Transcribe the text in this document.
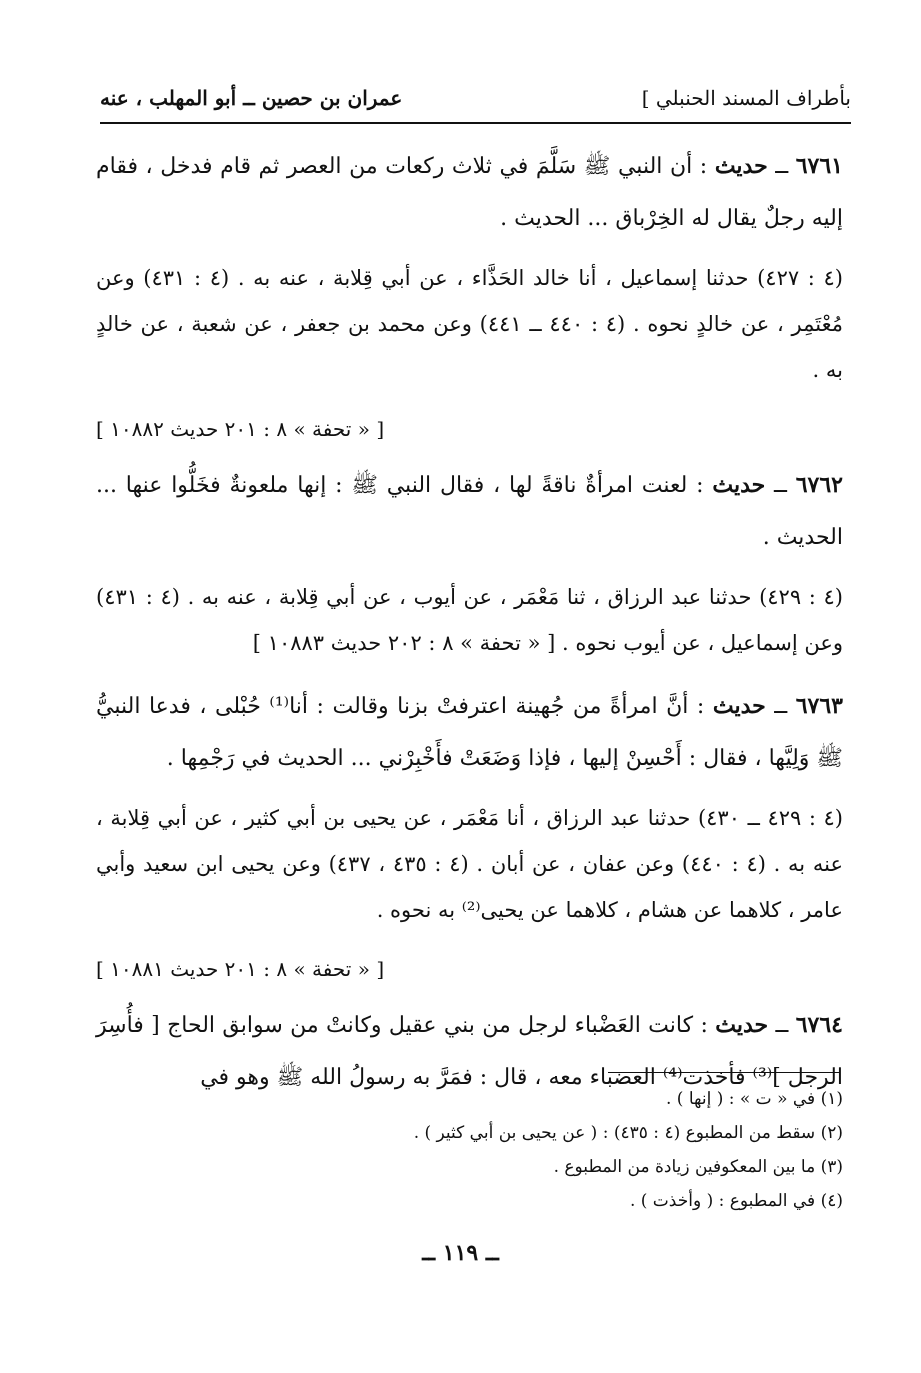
بأطراف المسند الحنبلي ]
عمران بن حصين ــ أبو المهلب ، عنه
٦٧٦١ ــ حديث : أن النبي ﷺ سَلَّمَ في ثلاث ركعات من العصر ثم قام فدخل ، فقام إليه رجلٌ يقال له الخِرْباق ... الحديث .
(٤ : ٤٢٧) حدثنا إسماعيل ، أنا خالد الحَذَّاء ، عن أبي قِلابة ، عنه به . (٤ : ٤٣١) وعن مُعْتَمِر ، عن خالدٍ نحوه . (٤ : ٤٤٠ ــ ٤٤١) وعن محمد بن جعفر ، عن شعبة ، عن خالدٍ به .
[ « تحفة » ٨ : ٢٠١ حديث ١٠٨٨٢ ]
٦٧٦٢ ــ حديث : لعنت امرأةٌ ناقةً لها ، فقال النبي ﷺ : إنها ملعونةٌ فخَلُّوا عنها ... الحديث .
(٤ : ٤٢٩) حدثنا عبد الرزاق ، ثنا مَعْمَر ، عن أيوب ، عن أبي قِلابة ، عنه به . (٤ : ٤٣١) وعن إسماعيل ، عن أيوب نحوه . [ « تحفة » ٨ : ٢٠٢ حديث ١٠٨٨٣ ]
٦٧٦٣ ــ حديث : أنَّ امرأةً من جُهينة اعترفتْ بزنا وقالت : أنا⁽¹⁾ حُبْلى ، فدعا النبيُّ ﷺ وَلِيَّها ، فقال : أَحْسِنْ إليها ، فإذا وَضَعَتْ فأَخْبِرْني ... الحديث في رَجْمِها .
(٤ : ٤٢٩ ــ ٤٣٠) حدثنا عبد الرزاق ، أنا مَعْمَر ، عن يحيى بن أبي كثير ، عن أبي قِلابة ، عنه به . (٤ : ٤٤٠) وعن عفان ، عن أبان . (٤ : ٤٣٥ ، ٤٣٧) وعن يحيى ابن سعيد وأبي عامر ، كلاهما عن هشام ، كلاهما عن يحيى⁽²⁾ به نحوه .
[ « تحفة » ٨ : ٢٠١ حديث ١٠٨٨١ ]
٦٧٦٤ ــ حديث : كانت العَضْباء لرجل من بني عقيل وكانتْ من سوابق الحاج [ فأُسِرَ الرجل ]⁽³⁾ فأخذت⁽⁴⁾ العضباء معه ، قال : فمَرَّ به رسولُ الله ﷺ وهو في
(١) في « ت » : ( إنها ) .
(٢) سقط من المطبوع (٤ : ٤٣٥) : ( عن يحيى بن أبي كثير ) .
(٣) ما بين المعكوفين زيادة من المطبوع .
(٤) في المطبوع : ( وأخذت ) .
ــ ١١٩ ــ
